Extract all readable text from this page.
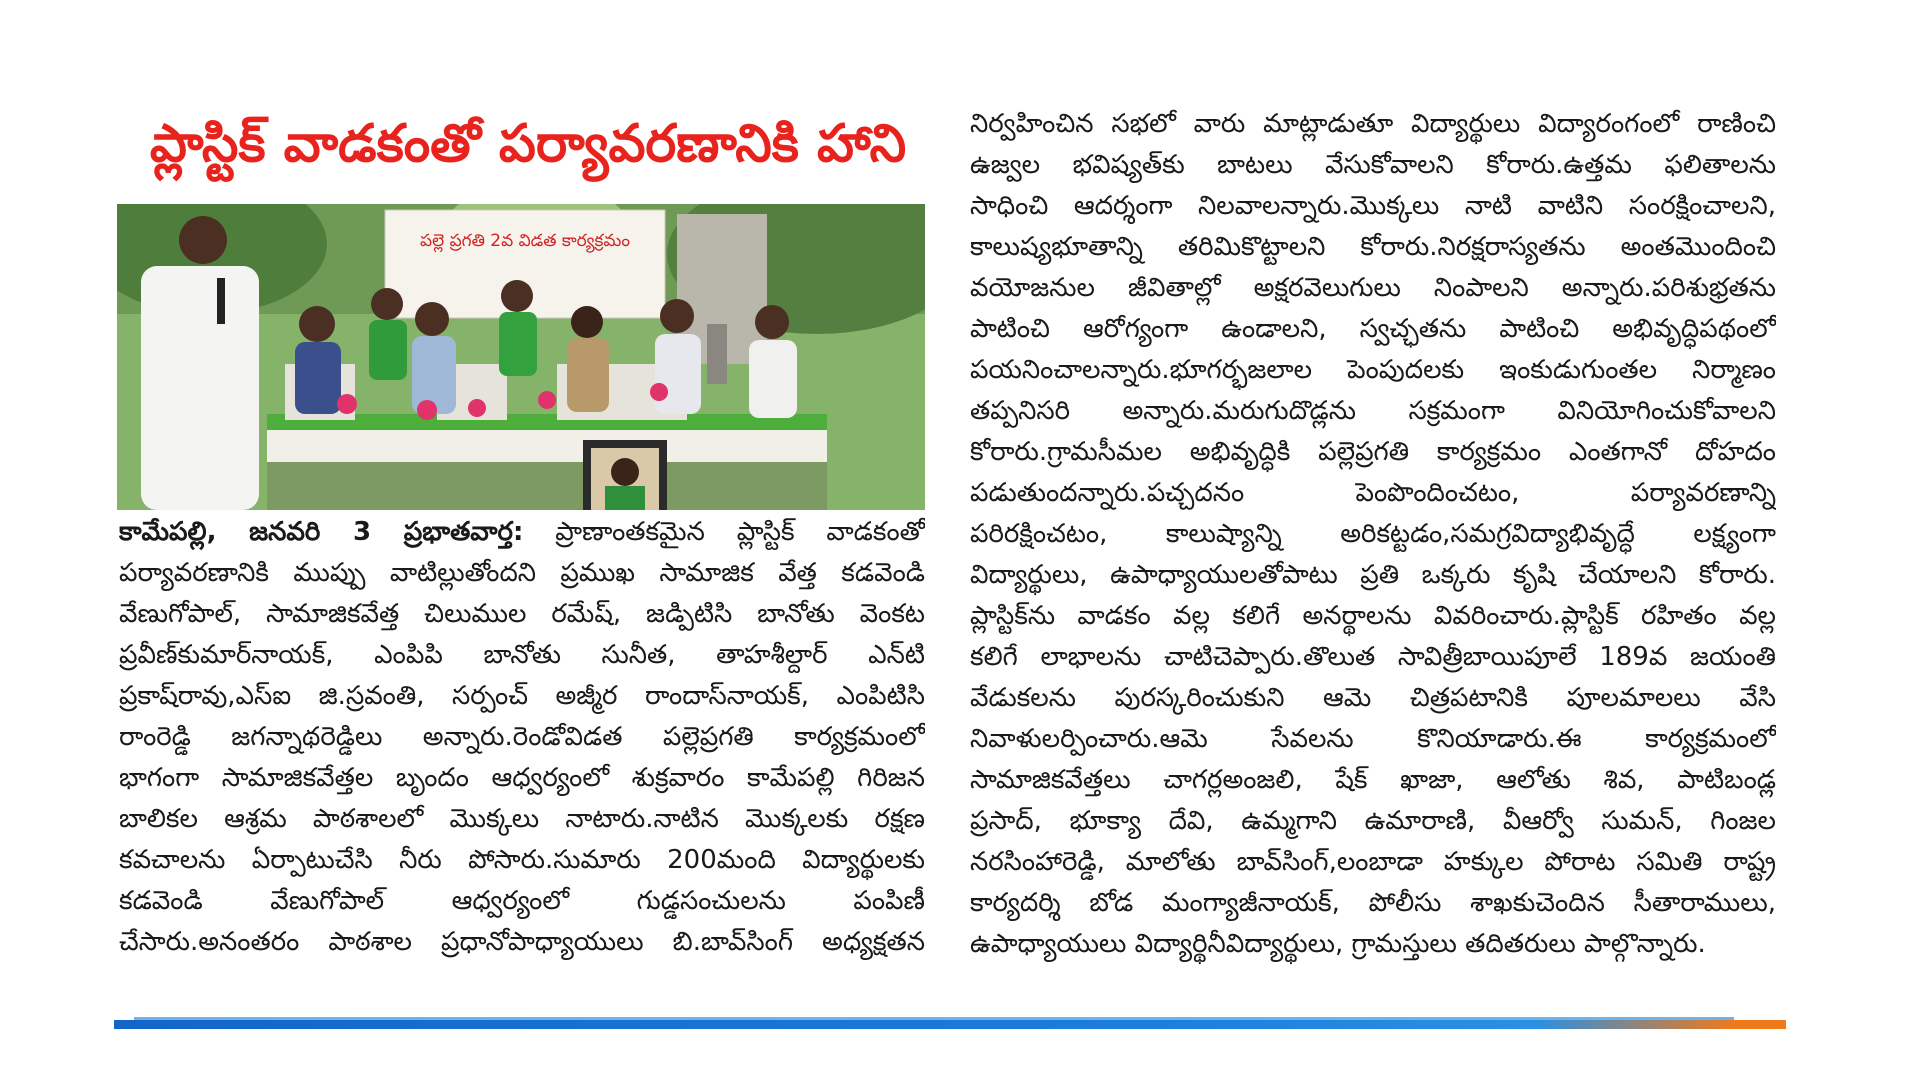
ప్లాస్టిక్ వాడకంతో పర్యావరణానికి హాని
పల్లె ప్రగతి 2వ విడత కార్యక్రమం
కామేపల్లి, జనవరి 3 ప్రభాతవార్త: ప్రాణాంతకమైన ప్లాస్టిక్ వాడకంతో
పర్యావరణానికి ముప్పు వాటిల్లుతోందని ప్రముఖ సామాజిక వేత్త కడవెండి
వేణుగోపాల్, సామాజికవేత్త చిలుముల రమేష్, జడ్పిటిసి బానోతు వెంకట
ప్రవీణ్‌కుమార్‌నాయక్, ఎంపిపి బానోతు సునీత, తాహశీల్దార్ ఎన్‌టి
ప్రకాష్‌రావు,ఎస్ఐ జి.స్రవంతి, సర్పంచ్ అజ్మీర రాందాస్‌నాయక్, ఎంపిటిసి
రాంరెడ్డి జగన్నాథరెడ్డిలు అన్నారు.రెండోవిడత పల్లెప్రగతి కార్యక్రమంలో
భాగంగా సామాజికవేత్తల బృందం ఆధ్వర్యంలో శుక్రవారం కామేపల్లి గిరిజన
బాలికల ఆశ్రమ పాఠశాలలో మొక్కలు నాటారు.నాటిన మొక్కలకు రక్షణ
కవచాలను ఏర్పాటుచేసి నీరు పోసారు.సుమారు 200మంది విద్యార్థులకు
కడవెండి వేణుగోపాల్ ఆధ్వర్యంలో గుడ్డసంచులను పంపిణీ
చేసారు.అనంతరం పాఠశాల ప్రధానోపాధ్యాయులు బి.బావ్‌సింగ్ అధ్యక్షతన
నిర్వహించిన సభలో వారు మాట్లాడుతూ విద్యార్థులు విద్యారంగంలో రాణించి
ఉజ్వల భవిష్యత్‌కు బాటలు వేసుకోవాలని కోరారు.ఉత్తమ ఫలితాలను
సాధించి ఆదర్శంగా నిలవాలన్నారు.మొక్కలు నాటి వాటిని సంరక్షించాలని,
కాలుష్యభూతాన్ని తరిమికొట్టాలని కోరారు.నిరక్షరాస్యతను అంతమొందించి
వయోజనుల జీవితాల్లో అక్షరవెలుగులు నింపాలని అన్నారు.పరిశుభ్రతను
పాటించి ఆరోగ్యంగా ఉండాలని, స్వచ్ఛతను పాటించి అభివృద్ధిపథంలో
పయనించాలన్నారు.భూగర్భజలాల పెంపుదలకు ఇంకుడుగుంతల నిర్మాణం
తప్పనిసరి అన్నారు.మరుగుదొడ్లను సక్రమంగా వినియోగించుకోవాలని
కోరారు.గ్రామసీమల అభివృద్ధికి పల్లెప్రగతి కార్యక్రమం ఎంతగానో దోహదం
పడుతుందన్నారు.పచ్చదనం పెంపొందించటం, పర్యావరణాన్ని
పరిరక్షించటం, కాలుష్యాన్ని అరికట్టడం,సమగ్రవిద్యాభివృద్ధే లక్ష్యంగా
విద్యార్థులు, ఉపాధ్యాయులతోపాటు ప్రతి ఒక్కరు కృషి చేయాలని కోరారు.
ప్లాస్టిక్‌ను వాడకం వల్ల కలిగే అనర్థాలను వివరించారు.ప్లాస్టిక్ రహితం వల్ల
కలిగే లాభాలను చాటిచెప్పారు.తొలుత సావిత్రీబాయిపూలే 189వ జయంతి
వేడుకలను పురస్కరించుకుని ఆమె చిత్రపటానికి పూలమాలలు వేసి
నివాళులర్పించారు.ఆమె సేవలను కొనియాడారు.ఈ కార్యక్రమంలో
సామాజికవేత్తలు చాగర్లఅంజలి, షేక్ ఖాజా, ఆలోతు శివ, పాటిబండ్ల
ప్రసాద్, భూక్యా దేవి, ఉమ్మగాని ఉమారాణి, వీఆర్వో సుమన్, గింజల
నరసింహారెడ్డి, మాలోతు బావ్‌సింగ్,లంబాడా హక్కుల పోరాట సమితి రాష్ట్ర
కార్యదర్శి బోడ మంగ్యాజీనాయక్, పోలీసు శాఖకుచెందిన సీతారాములు,
ఉపాధ్యాయులు విద్యార్థినీవిద్యార్థులు, గ్రామస్తులు తదితరులు పాల్గొన్నారు.
